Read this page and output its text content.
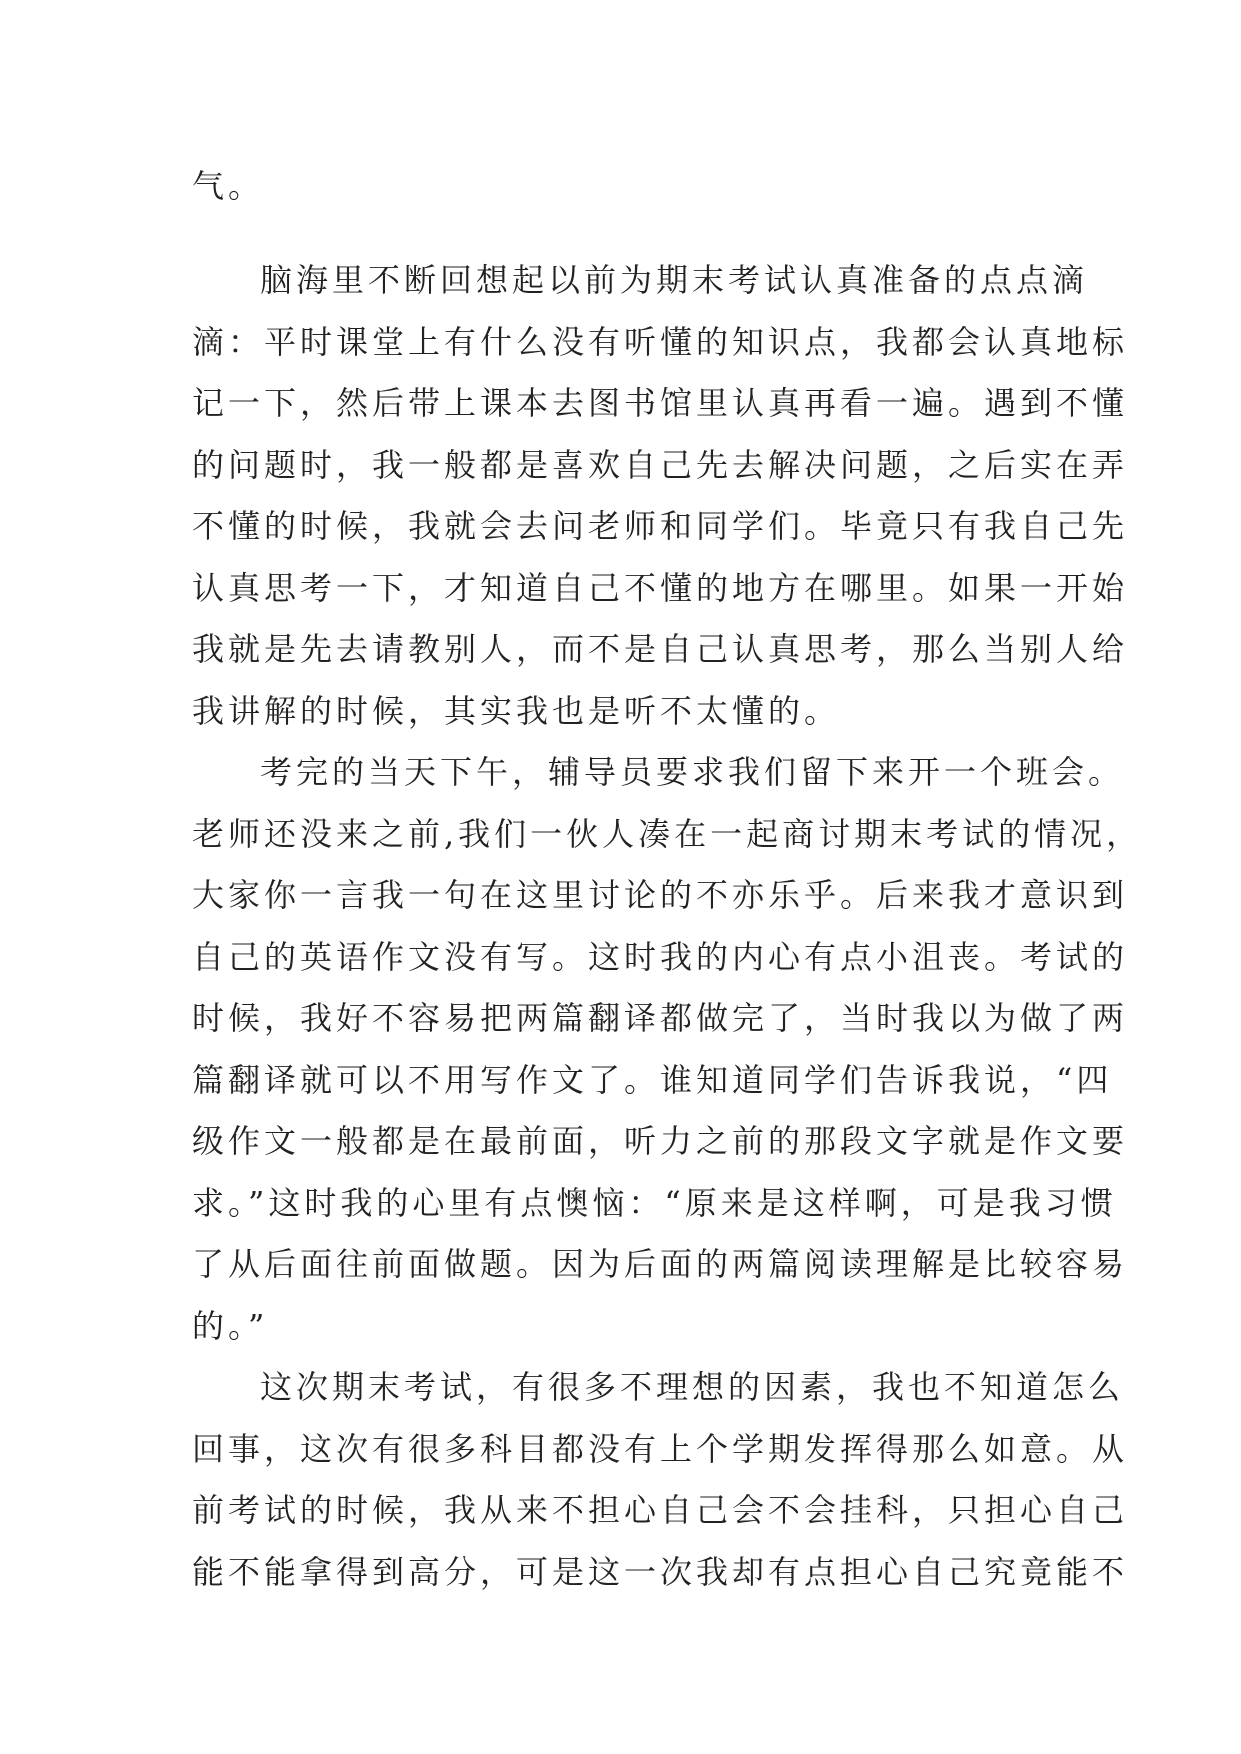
气。
脑海里不断回想起以前为期末考试认真准备的点点滴
滴：平时课堂上有什么没有听懂的知识点，我都会认真地标
记一下，然后带上课本去图书馆里认真再看一遍。遇到不懂
的问题时，我一般都是喜欢自己先去解决问题，之后实在弄
不懂的时候，我就会去问老师和同学们。毕竟只有我自己先
认真思考一下，才知道自己不懂的地方在哪里。如果一开始
我就是先去请教别人，而不是自己认真思考，那么当别人给
我讲解的时候，其实我也是听不太懂的。
考完的当天下午，辅导员要求我们留下来开一个班会。
老师还没来之前,我们一伙人凑在一起商讨期末考试的情况，
大家你一言我一句在这里讨论的不亦乐乎。后来我才意识到
自己的英语作文没有写。这时我的内心有点小沮丧。考试的
时候，我好不容易把两篇翻译都做完了，当时我以为做了两
篇翻译就可以不用写作文了。谁知道同学们告诉我说，“四
级作文一般都是在最前面，听力之前的那段文字就是作文要
求。”这时我的心里有点懊恼：“原来是这样啊，可是我习惯
了从后面往前面做题。因为后面的两篇阅读理解是比较容易
的。”
这次期末考试，有很多不理想的因素，我也不知道怎么
回事，这次有很多科目都没有上个学期发挥得那么如意。从
前考试的时候，我从来不担心自己会不会挂科，只担心自己
能不能拿得到高分，可是这一次我却有点担心自己究竟能不
